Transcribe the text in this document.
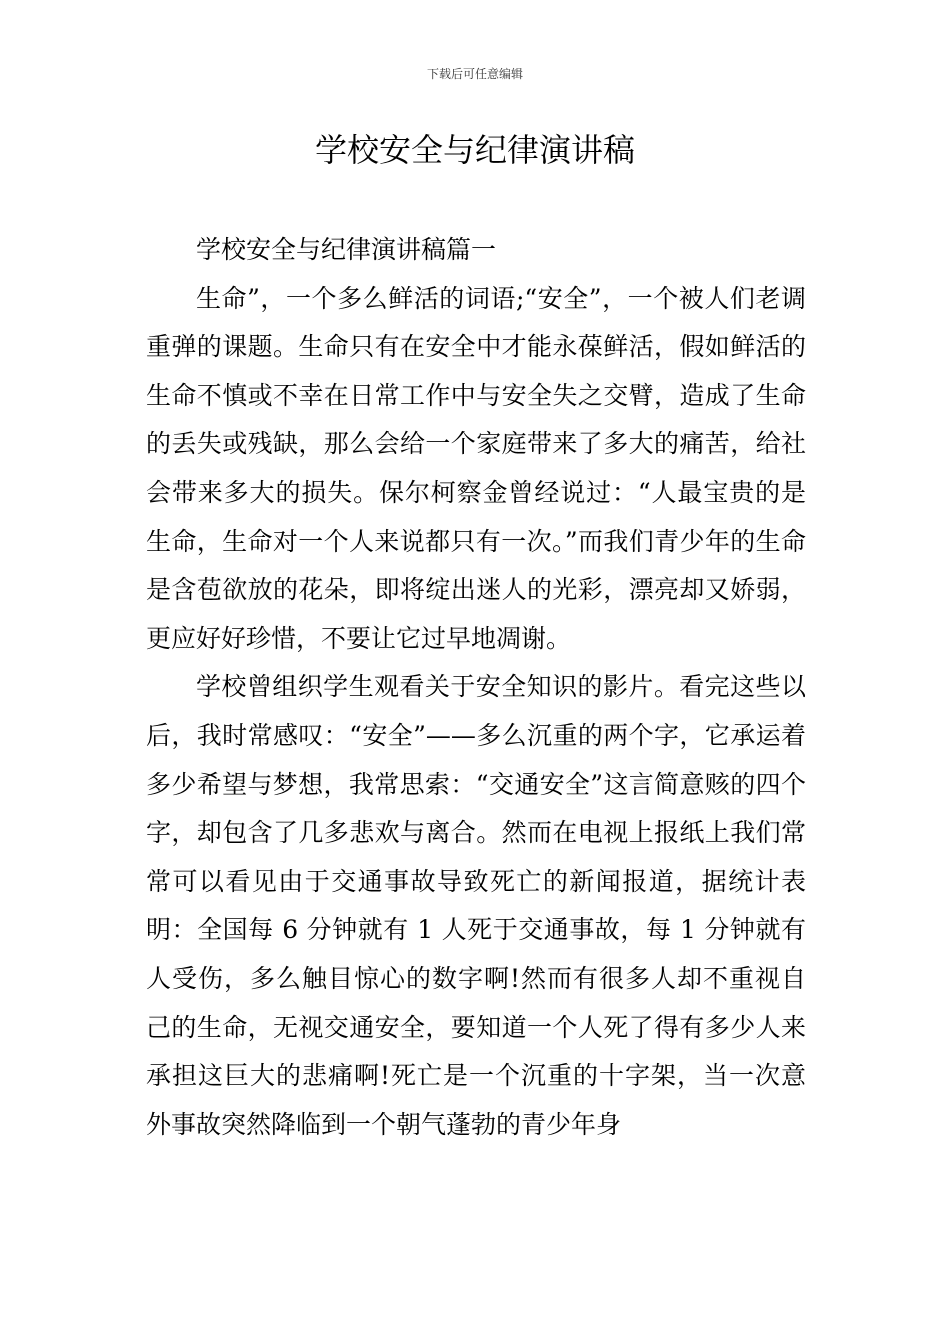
下载后可任意编辑
学校安全与纪律演讲稿

学校安全与纪律演讲稿篇一

生命”，一个多么鲜活的词语;“安全”，一个被人们老调重弹的课题。生命只有在安全中才能永葆鲜活，假如鲜活的生命不慎或不幸在日常工作中与安全失之交臂，造成了生命的丢失或残缺，那么会给一个家庭带来了多大的痛苦，给社会带来多大的损失。保尔柯察金曾经说过：“人最宝贵的是生命，生命对一个人来说都只有一次。”而我们青少年的生命是含苞欲放的花朵，即将绽出迷人的光彩，漂亮却又娇弱，更应好好珍惜，不要让它过早地凋谢。

学校曾组织学生观看关于安全知识的影片。看完这些以后，我时常感叹：“安全”——多么沉重的两个字，它承运着多少希望与梦想，我常思索：“交通安全”这言简意赅的四个字，却包含了几多悲欢与离合。然而在电视上报纸上我们常常可以看见由于交通事故导致死亡的新闻报道，据统计表明：全国每 6 分钟就有 1 人死于交通事故，每 1 分钟就有人受伤，多么触目惊心的数字啊!然而有很多人却不重视自己的生命，无视交通安全，要知道一个人死了得有多少人来承担这巨大的悲痛啊!死亡是一个沉重的十字架，当一次意外事故突然降临到一个朝气蓬勃的青少年身
